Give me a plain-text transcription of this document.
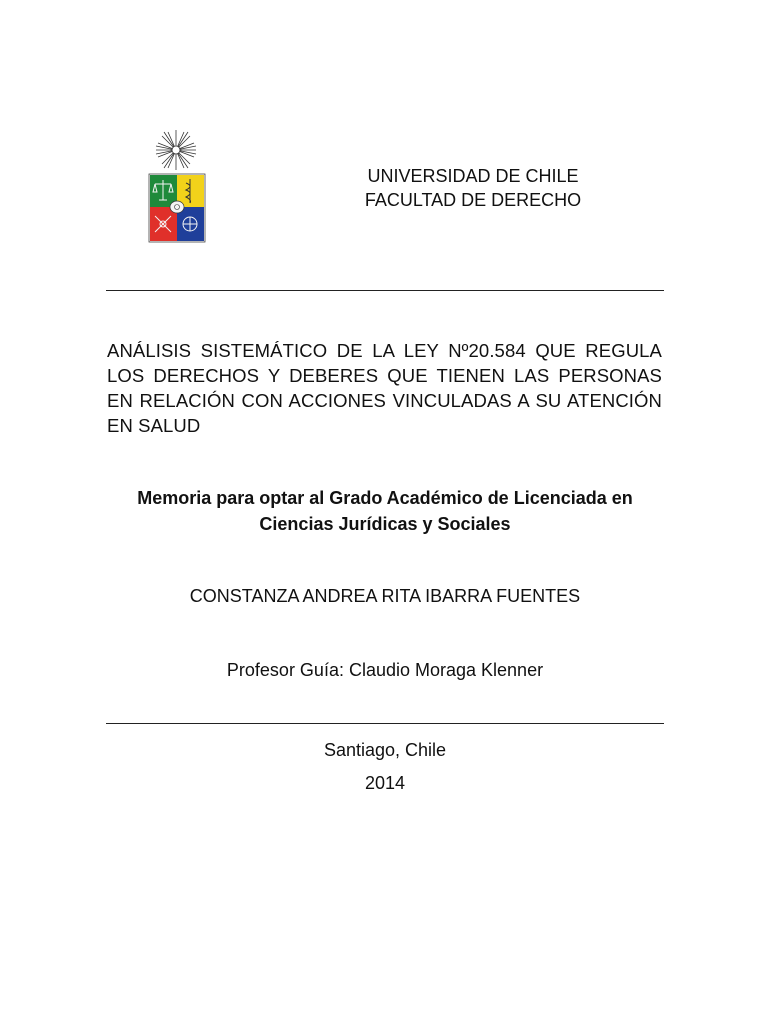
UNIVERSIDAD DE CHILE
FACULTAD DE DERECHO
ANÁLISIS SISTEMÁTICO DE LA LEY Nº20.584 QUE REGULA LOS DERECHOS Y DEBERES QUE TIENEN LAS PERSONAS EN RELACIÓN CON ACCIONES VINCULADAS A SU ATENCIÓN EN SALUD
Memoria para optar al Grado Académico de Licenciada en
Ciencias Jurídicas y Sociales
CONSTANZA ANDREA RITA IBARRA FUENTES
Profesor Guía: Claudio Moraga Klenner
Santiago, Chile
2014
